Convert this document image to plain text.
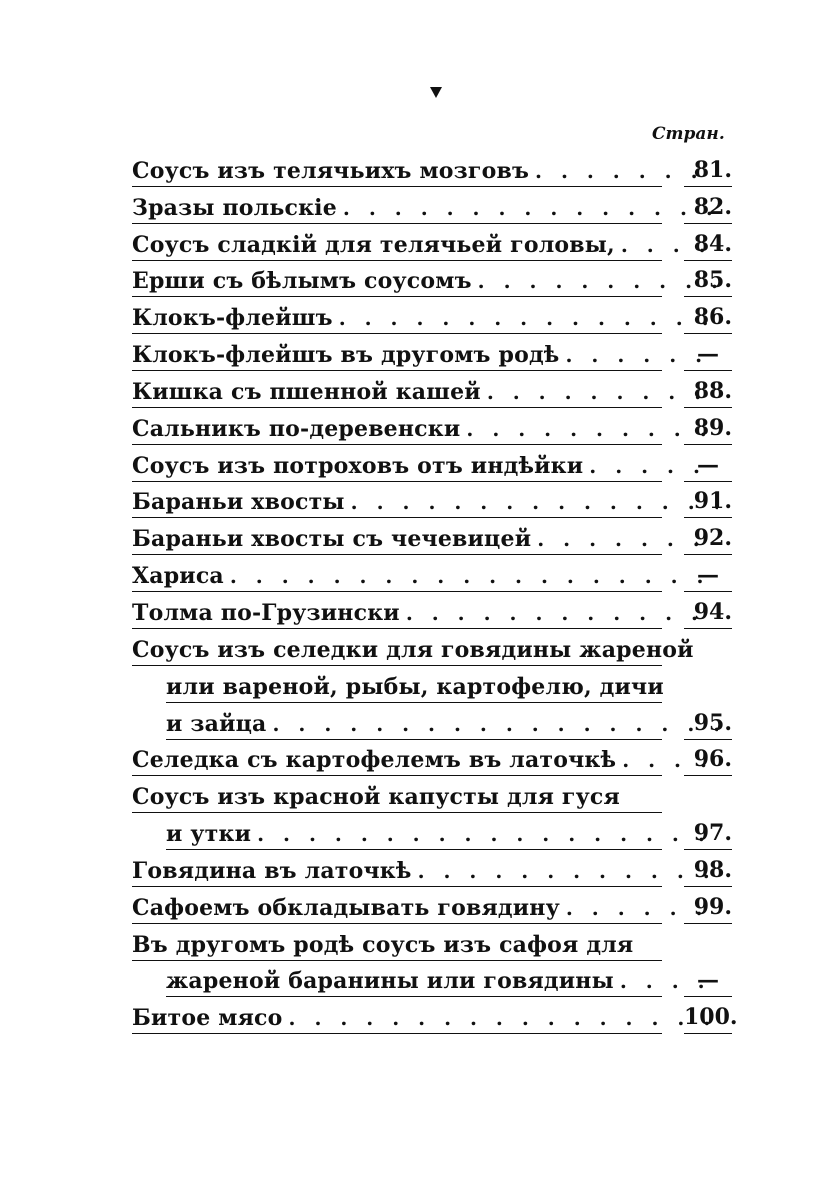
Стран.
Соусъ изъ телячьихъ мозговъ . . .	81.
Зразы польскіе . . .	82.
Соусъ сладкій для телячьей головы, . . .	84.
Ерши съ бѣлымъ соусомъ . . .	85.
Клокъ-флейшъ . . .	86.
Клокъ-флейшъ въ другомъ родѣ . . .	—
Кишка съ пшенной кашей . . .	88.
Сальникъ по-деревенски . . .	89.
Соусъ изъ потроховъ отъ индѣйки . . .	—
Бараньи хвосты . . .	91.
Бараньи хвосты съ чечевицей . . .	92.
Хариса . . .	—
Толма по-Грузински . . .	94.
Соусъ изъ селедки для говядины жареной
или вареной, рыбы, картофелю, дичи
и зайца . . .	95.
Селедка съ картофелемъ въ латочкѣ . . .	96.
Соусъ изъ красной капусты для гуся
и утки . . .	97.
Говядина въ латочкѣ . . .	98.
Сафоемъ обкладывать говядину . . .	99.
Въ другомъ родѣ соусъ изъ сафоя для
жареной баранины или говядины . . .	—
Битое мясо . . .	100.
